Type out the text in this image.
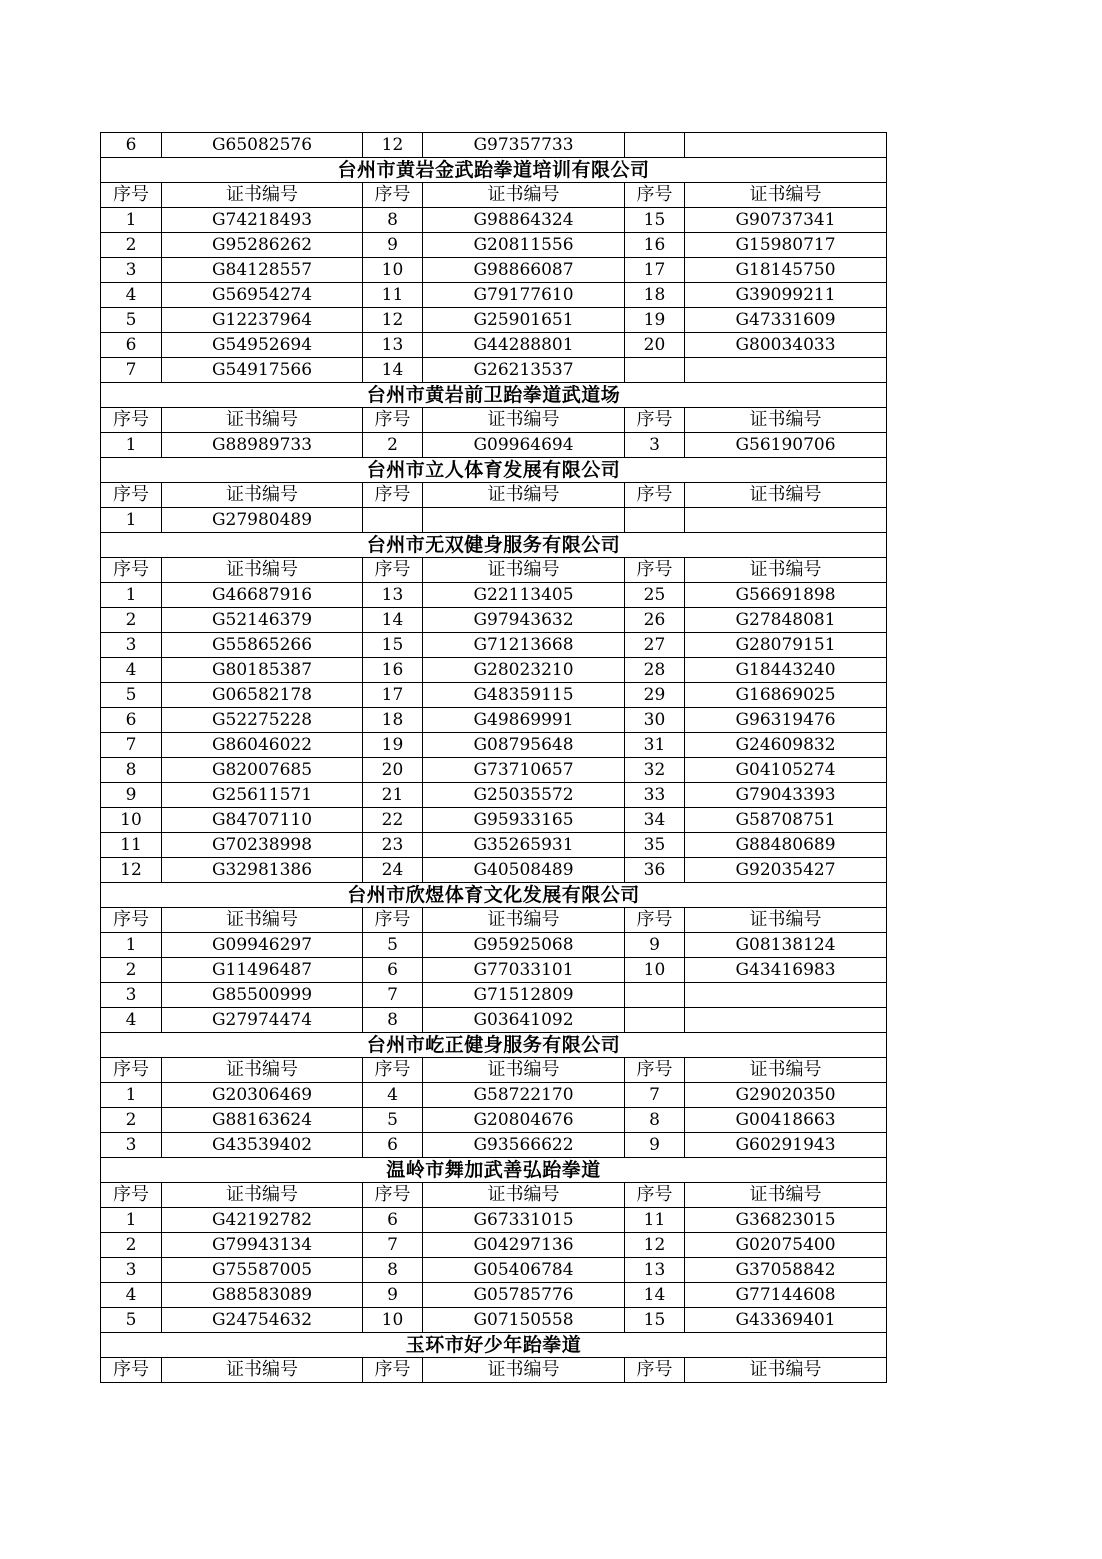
6	G65082576	12	G97357733		
台州市黄岩金武跆拳道培训有限公司					
序号	证书编号	序号	证书编号	序号	证书编号
1	G74218493	8	G98864324	15	G90737341
2	G95286262	9	G20811556	16	G15980717
3	G84128557	10	G98866087	17	G18145750
4	G56954274	11	G79177610	18	G39099211
5	G12237964	12	G25901651	19	G47331609
6	G54952694	13	G44288801	20	G80034033
7	G54917566	14	G26213537		
台州市黄岩前卫跆拳道武道场					
序号	证书编号	序号	证书编号	序号	证书编号
1	G88989733	2	G09964694	3	G56190706
台州市立人体育发展有限公司					
序号	证书编号	序号	证书编号	序号	证书编号
1	G27980489				
台州市无双健身服务有限公司					
序号	证书编号	序号	证书编号	序号	证书编号
1	G46687916	13	G22113405	25	G56691898
2	G52146379	14	G97943632	26	G27848081
3	G55865266	15	G71213668	27	G28079151
4	G80185387	16	G28023210	28	G18443240
5	G06582178	17	G48359115	29	G16869025
6	G52275228	18	G49869991	30	G96319476
7	G86046022	19	G08795648	31	G24609832
8	G82007685	20	G73710657	32	G04105274
9	G25611571	21	G25035572	33	G79043393
10	G84707110	22	G95933165	34	G58708751
11	G70238998	23	G35265931	35	G88480689
12	G32981386	24	G40508489	36	G92035427
台州市欣煜体育文化发展有限公司					
序号	证书编号	序号	证书编号	序号	证书编号
1	G09946297	5	G95925068	9	G08138124
2	G11496487	6	G77033101	10	G43416983
3	G85500999	7	G71512809		
4	G27974474	8	G03641092		
台州市屹正健身服务有限公司					
序号	证书编号	序号	证书编号	序号	证书编号
1	G20306469	4	G58722170	7	G29020350
2	G88163624	5	G20804676	8	G00418663
3	G43539402	6	G93566622	9	G60291943
温岭市舞加武善弘跆拳道					
序号	证书编号	序号	证书编号	序号	证书编号
1	G42192782	6	G67331015	11	G36823015
2	G79943134	7	G04297136	12	G02075400
3	G75587005	8	G05406784	13	G37058842
4	G88583089	9	G05785776	14	G77144608
5	G24754632	10	G07150558	15	G43369401
玉环市好少年跆拳道					
序号	证书编号	序号	证书编号	序号	证书编号
